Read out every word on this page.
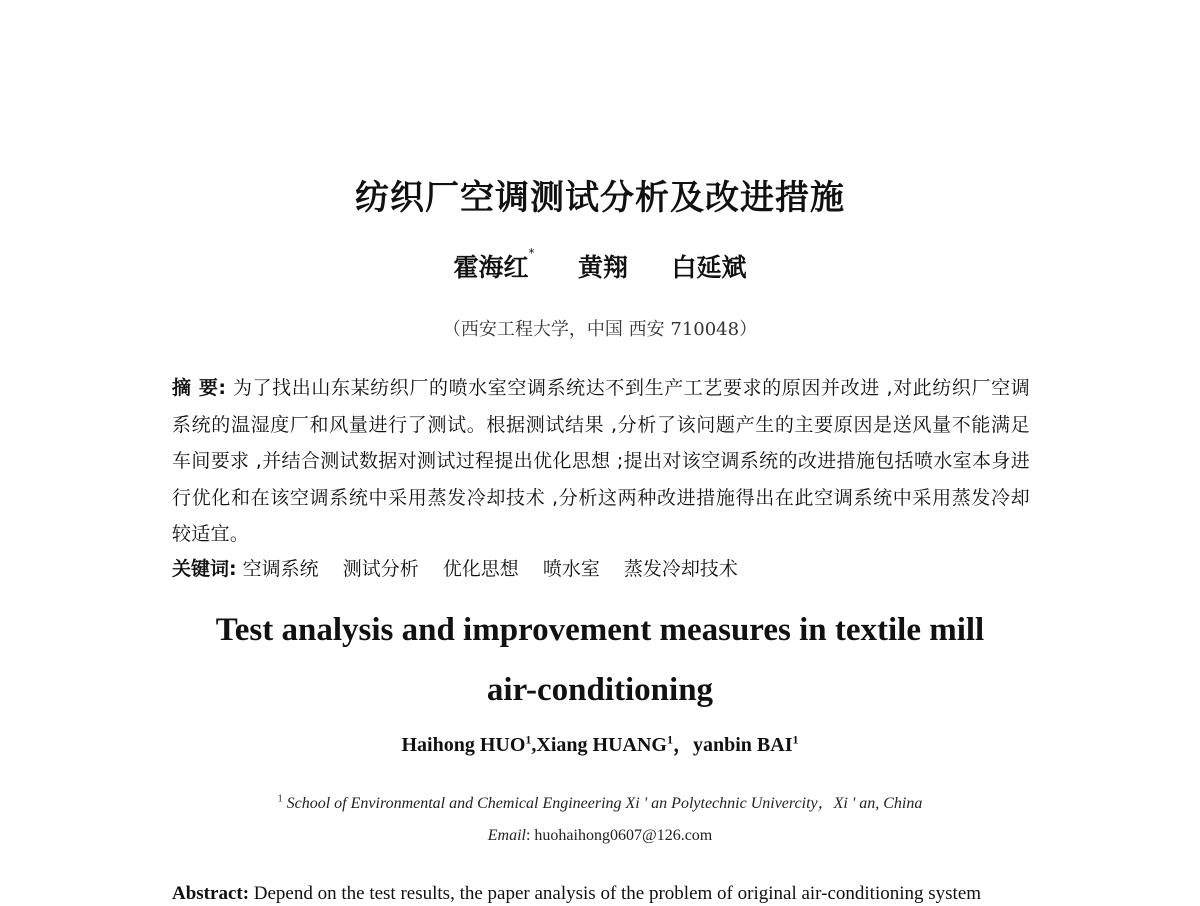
纺织厂空调测试分析及改进措施
霍海红* 黄翔 白延斌
（西安工程大学，中国 西安 710048）
摘 要: 为了找出山东某纺织厂的喷水室空调系统达不到生产工艺要求的原因并改进 ,对此纺织厂空调系统的温湿度厂和风量进行了测试。根据测试结果 ,分析了该问题产生的主要原因是送风量不能满足车间要求 ,并结合测试数据对测试过程提出优化思想 ;提出对该空调系统的改进措施包括喷水室本身进行优化和在该空调系统中采用蒸发冷却技术 ,分析这两种改进措施得出在此空调系统中采用蒸发冷却较适宜。
关键词: 空调系统 测试分析 优化思想 喷水室 蒸发冷却技术
Test analysis and improvement measures in textile mill
air-conditioning
Haihong HUO$^1$,Xiang HUANG$^1$，yanbin BAI$^1$
$^1$ School of Environmental and Chemical Engineering Xi ' an Polytechnic Univercity，Xi ' an, China
Email: huohaihong0607@126.com
Abstract: Depend on the test results, the paper analysis of the problem of original air-conditioning system
